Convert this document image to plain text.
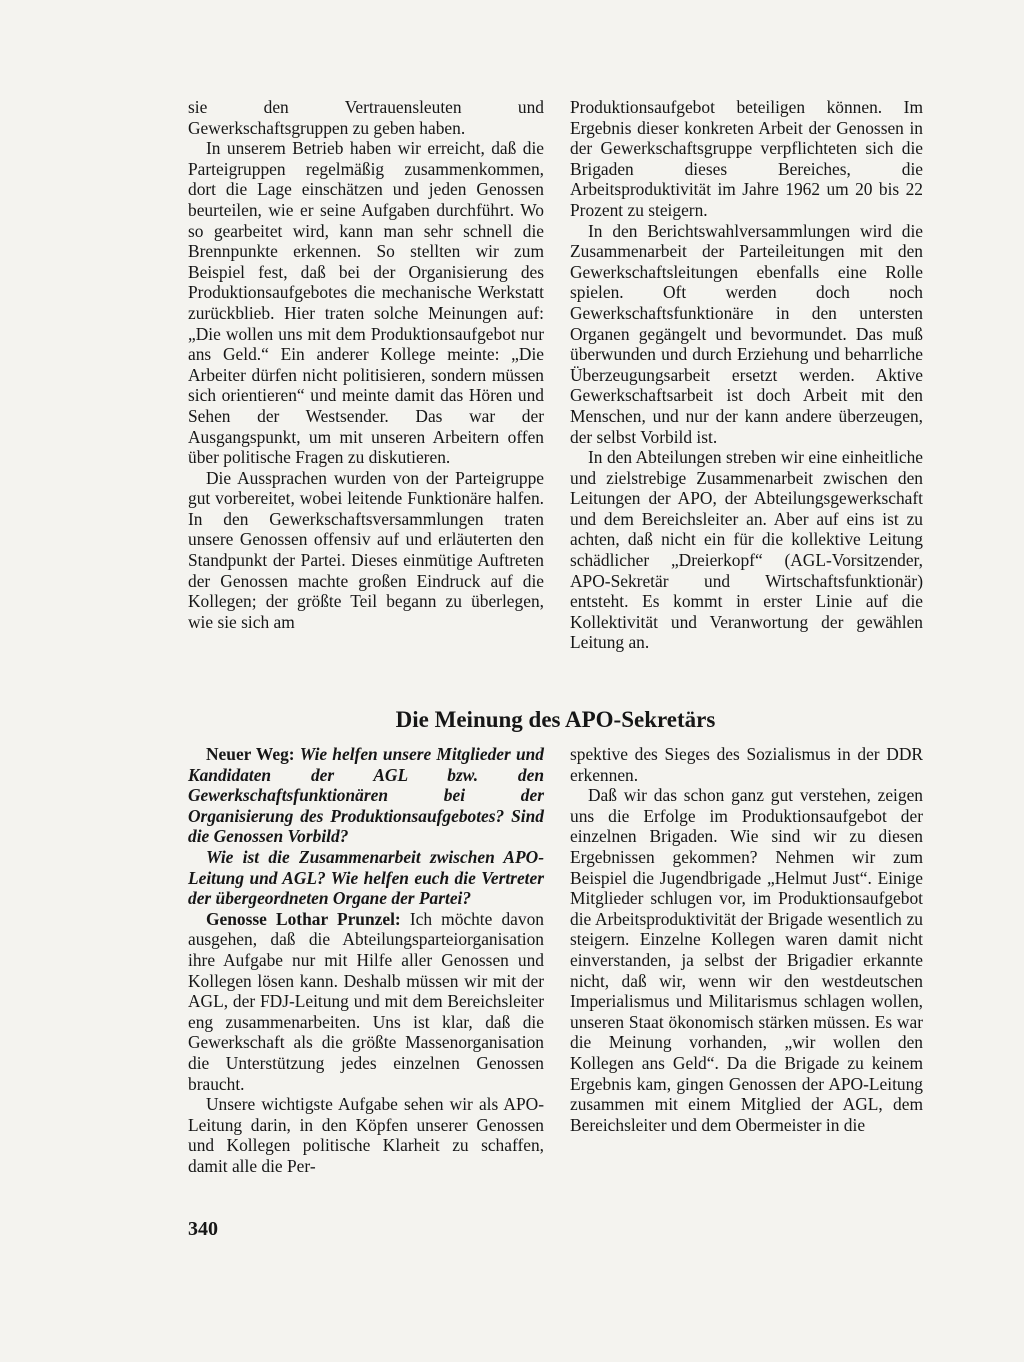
sie den Vertrauensleuten und Gewerkschaftsgruppen zu geben haben.

In unserem Betrieb haben wir erreicht, daß die Parteigruppen regelmäßig zusammenkommen, dort die Lage einschätzen und jeden Genossen beurteilen, wie er seine Aufgaben durchführt. Wo so gearbeitet wird, kann man sehr schnell die Brennpunkte erkennen. So stellten wir zum Beispiel fest, daß bei der Organisierung des Produktionsaufgebotes die mechanische Werkstatt zurückblieb. Hier traten solche Meinungen auf: „Die wollen uns mit dem Produktionsaufgebot nur ans Geld.“ Ein anderer Kollege meinte: „Die Arbeiter dürfen nicht politisieren, sondern müssen sich orientieren“ und meinte damit das Hören und Sehen der Westsender. Das war der Ausgangspunkt, um mit unseren Arbeitern offen über politische Fragen zu diskutieren.

Die Aussprachen wurden von der Parteigruppe gut vorbereitet, wobei leitende Funktionäre halfen. In den Gewerkschaftsversammlungen traten unsere Genossen offensiv auf und erläuterten den Standpunkt der Partei. Dieses einmütige Auftreten der Genossen machte großen Eindruck auf die Kollegen; der größte Teil begann zu überlegen, wie sie sich am

Produktionsaufgebot beteiligen können. Im Ergebnis dieser konkreten Arbeit der Genossen in der Gewerkschaftsgruppe verpflichteten sich die Brigaden dieses Bereiches, die Arbeitsproduktivität im Jahre 1962 um 20 bis 22 Prozent zu steigern.

In den Berichtswahlversammlungen wird die Zusammenarbeit der Parteileitungen mit den Gewerkschaftsleitungen ebenfalls eine Rolle spielen. Oft werden doch noch Gewerkschaftsfunktionäre in den untersten Organen gegängelt und bevormundet. Das muß überwunden und durch Erziehung und beharrliche Überzeugungsarbeit ersetzt werden. Aktive Gewerkschaftsarbeit ist doch Arbeit mit den Menschen, und nur der kann andere überzeugen, der selbst Vorbild ist.

In den Abteilungen streben wir eine einheitliche und zielstrebige Zusammenarbeit zwischen den Leitungen der APO, der Abteilungsgewerkschaft und dem Bereichsleiter an. Aber auf eins ist zu achten, daß nicht ein für die kollektive Leitung schädlicher „Dreierkopf“ (AGL-Vorsitzender, APO-Sekretär und Wirtschaftsfunktionär) entsteht. Es kommt in erster Linie auf die Kollektivität und Veranwortung der gewählen Leitung an.

Die Meinung des APO-Sekretärs

Neuer Weg: Wie helfen unsere Mitglieder und Kandidaten der AGL bzw. den Gewerkschaftsfunktionären bei der Organisierung des Produktionsaufgebotes? Sind die Genossen Vorbild?

Wie ist die Zusammenarbeit zwischen APO-Leitung und AGL? Wie helfen euch die Vertreter der übergeordneten Organe der Partei?

Genosse Lothar Prunzel: Ich möchte davon ausgehen, daß die Abteilungsparteiorganisation ihre Aufgabe nur mit Hilfe aller Genossen und Kollegen lösen kann. Deshalb müssen wir mit der AGL, der FDJ-Leitung und mit dem Bereichsleiter eng zusammenarbeiten. Uns ist klar, daß die Gewerkschaft als die größte Massenorganisation die Unterstützung jedes einzelnen Genossen braucht.

Unsere wichtigste Aufgabe sehen wir als APO-Leitung darin, in den Köpfen unserer Genossen und Kollegen politische Klarheit zu schaffen, damit alle die Per-

spektive des Sieges des Sozialismus in der DDR erkennen.

Daß wir das schon ganz gut verstehen, zeigen uns die Erfolge im Produktionsaufgebot der einzelnen Brigaden. Wie sind wir zu diesen Ergebnissen gekommen? Nehmen wir zum Beispiel die Jugendbrigade „Helmut Just“. Einige Mitglieder schlugen vor, im Produktionsaufgebot die Arbeitsproduktivität der Brigade wesentlich zu steigern. Einzelne Kollegen waren damit nicht einverstanden, ja selbst der Brigadier erkannte nicht, daß wir, wenn wir den westdeutschen Imperialismus und Militarismus schlagen wollen, unseren Staat ökonomisch stärken müssen. Es war die Meinung vorhanden, „wir wollen den Kollegen ans Geld“. Da die Brigade zu keinem Ergebnis kam, gingen Genossen der APO-Leitung zusammen mit einem Mitglied der AGL, dem Bereichsleiter und dem Obermeister in die

340
